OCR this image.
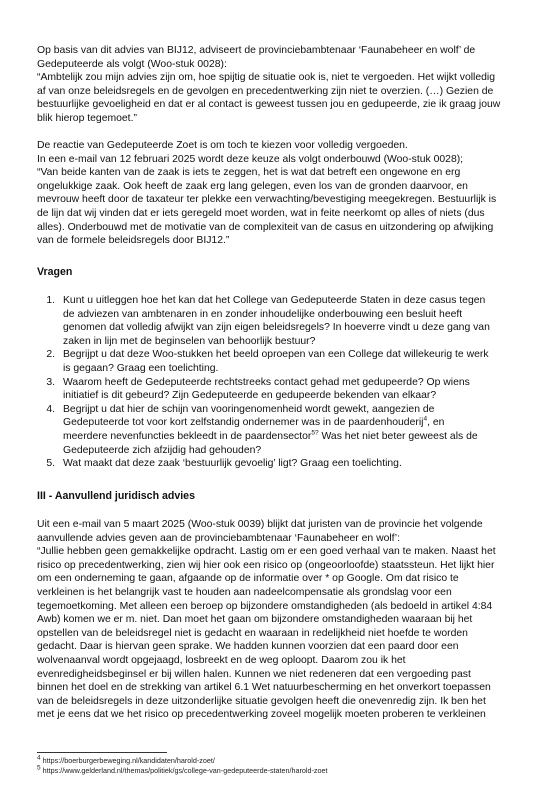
Op basis van dit advies van BIJ12, adviseert de provinciebambtenaar ‘Faunabeheer en wolf’ de
Gedeputeerde als volgt (Woo-stuk 0028):
“Ambtelijk zou mijn advies zijn om, hoe spijtig de situatie ook is, niet te vergoeden. Het wijkt volledig
af van onze beleidsregels en de gevolgen en precedentwerking zijn niet te overzien. (…) Gezien de
bestuurlijke gevoeligheid en dat er al contact is geweest tussen jou en gedupeerde, zie ik graag jouw
blik hierop tegemoet.”
De reactie van Gedeputeerde Zoet is om toch te kiezen voor volledig vergoeden.
In een e-mail van 12 februari 2025 wordt deze keuze als volgt onderbouwd (Woo-stuk 0028);
“Van beide kanten van de zaak is iets te zeggen, het is wat dat betreft een ongewone en erg
ongelukkige zaak. Ook heeft de zaak erg lang gelegen, even los van de gronden daarvoor, en
mevrouw heeft door de taxateur ter plekke een verwachting/bevestiging meegekregen. Bestuurlijk is
de lijn dat wij vinden dat er iets geregeld moet worden, wat in feite neerkomt op alles of niets (dus
alles). Onderbouwd met de motivatie van de complexiteit van de casus en uitzondering op afwijking
van de formele beleidsregels door BIJ12.”
Vragen
1. Kunt u uitleggen hoe het kan dat het College van Gedeputeerde Staten in deze casus tegen
de adviezen van ambtenaren in en zonder inhoudelijke onderbouwing een besluit heeft
genomen dat volledig afwijkt van zijn eigen beleidsregels? In hoeverre vindt u deze gang van
zaken in lijn met de beginselen van behoorlijk bestuur?
2. Begrijpt u dat deze Woo-stukken het beeld oproepen van een College dat willekeurig te werk
is gegaan? Graag een toelichting.
3. Waarom heeft de Gedeputeerde rechtstreeks contact gehad met gedupeerde? Op wiens
initiatief is dit gebeurd? Zijn Gedeputeerde en gedupeerde bekenden van elkaar?
4. Begrijpt u dat hier de schijn van vooringenomenheid wordt gewekt, aangezien de
Gedeputeerde tot voor kort zelfstandig ondernemer was in de paardenhouderij$^4$, en
meerdere nevenfuncties bekleedt in de paardensector$^{5?}$ Was het niet beter geweest als de
Gedeputeerde zich afzijdig had gehouden?
5. Wat maakt dat deze zaak ‘bestuurlijk gevoelig’ ligt? Graag een toelichting.
III - Aanvullend juridisch advies
Uit een e-mail van 5 maart 2025 (Woo-stuk 0039) blijkt dat juristen van de provincie het volgende
aanvullende advies geven aan de provinciebambtenaar ‘Faunabeheer en wolf’:
“Jullie hebben geen gemakkelijke opdracht. Lastig om er een goed verhaal van te maken. Naast het
risico op precedentwerking, zien wij hier ook een risico op (ongeoorloofde) staatssteun. Het lijkt hier
om een onderneming te gaan, afgaande op de informatie over * op Google. Om dat risico te
verkleinen is het belangrijk vast te houden aan nadeelcompensatie als grondslag voor een
tegemoetkoming. Met alleen een beroep op bijzondere omstandigheden (als bedoeld in artikel 4:84
Awb) komen we er m. niet. Dan moet het gaan om bijzondere omstandigheden waaraan bij het
opstellen van de beleidsregel niet is gedacht en waaraan in redelijkheid niet hoefde te worden
gedacht. Daar is hiervan geen sprake. We hadden kunnen voorzien dat een paard door een
wolvenaanval wordt opgejaagd, losbreekt en de weg oploopt. Daarom zou ik het
evenredigheidsbeginsel er bij willen halen. Kunnen we niet redeneren dat een vergoeding past
binnen het doel en de strekking van artikel 6.1 Wet natuurbescherming en het onverkort toepassen
van de beleidsregels in deze uitzonderlijke situatie gevolgen heeft die onevenredig zijn. Ik ben het
met je eens dat we het risico op precedentwerking zoveel mogelijk moeten proberen te verkleinen
$^4$ https://boerburgerbeweging.nl/kandidaten/harold-zoet/
$^5$ https://www.gelderland.nl/themas/politiek/gs/college-van-gedeputeerde-staten/harold-zoet
